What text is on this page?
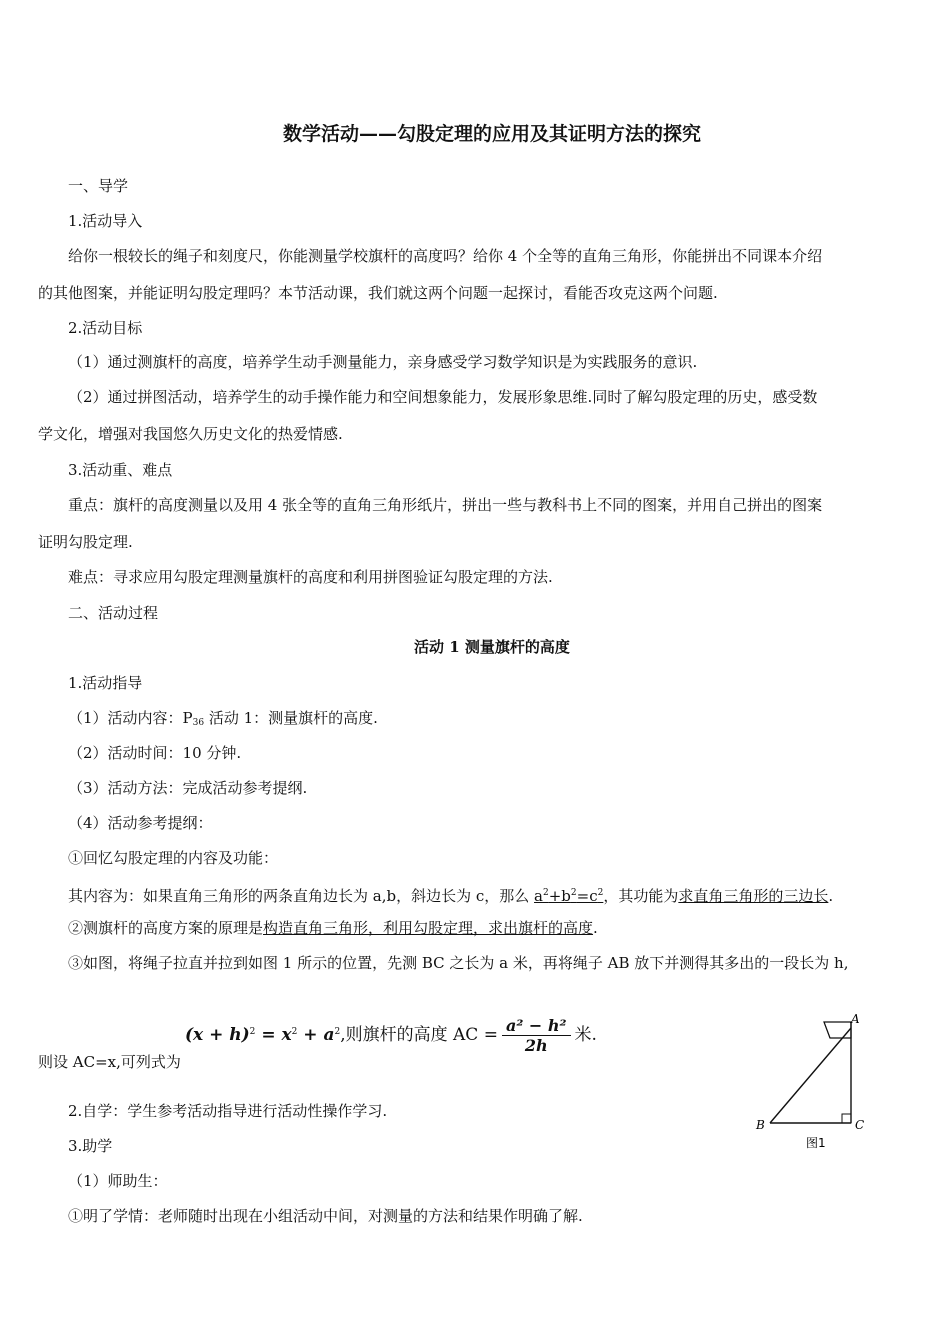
数学活动——勾股定理的应用及其证明方法的探究
一、导学
1.活动导入
给你一根较长的绳子和刻度尺，你能测量学校旗杆的高度吗？给你 4 个全等的直角三角形，你能拼出不同课本介绍
的其他图案，并能证明勾股定理吗？本节活动课，我们就这两个问题一起探讨，看能否攻克这两个问题.
2.活动目标
（1）通过测旗杆的高度，培养学生动手测量能力，亲身感受学习数学知识是为实践服务的意识.
（2）通过拼图活动，培养学生的动手操作能力和空间想象能力，发展形象思维.同时了解勾股定理的历史，感受数
学文化，增强对我国悠久历史文化的热爱情感.
3.活动重、难点
重点：旗杆的高度测量以及用 4 张全等的直角三角形纸片，拼出一些与教科书上不同的图案，并用自己拼出的图案
证明勾股定理.
难点：寻求应用勾股定理测量旗杆的高度和利用拼图验证勾股定理的方法.
二、活动过程
活动 1 测量旗杆的高度
1.活动指导
（1）活动内容：$P_{36}$ 活动 1：测量旗杆的高度.
（2）活动时间：10 分钟.
（3）活动方法：完成活动参考提纲.
（4）活动参考提纲：
①回忆勾股定理的内容及功能：
其内容为：如果直角三角形的两条直角边长为 a,b，斜边长为 c，那么 $a^2+b^2=c^2$，其功能为求直角三角形的三边长.
②测旗杆的高度方案的原理是构造直角三角形，利用勾股定理，求出旗杆的高度.
③如图，将绳子拉直并拉到如图 1 所示的位置，先测 BC 之长为 a 米，再将绳子 AB 放下并测得其多出的一段长为 h,
$(x + h)^2 = x^2 + a^2$,则旗杆的高度 AC = $\frac{\text{a² − h²}}{2h}$ 米.
则设 AC=x,可列式为
2.自学：学生参考活动指导进行活动性操作学习.
3.助学
（1）师助生：
①明了学情：老师随时出现在小组活动中间，对测量的方法和结果作明确了解.
A
B	C
图1
